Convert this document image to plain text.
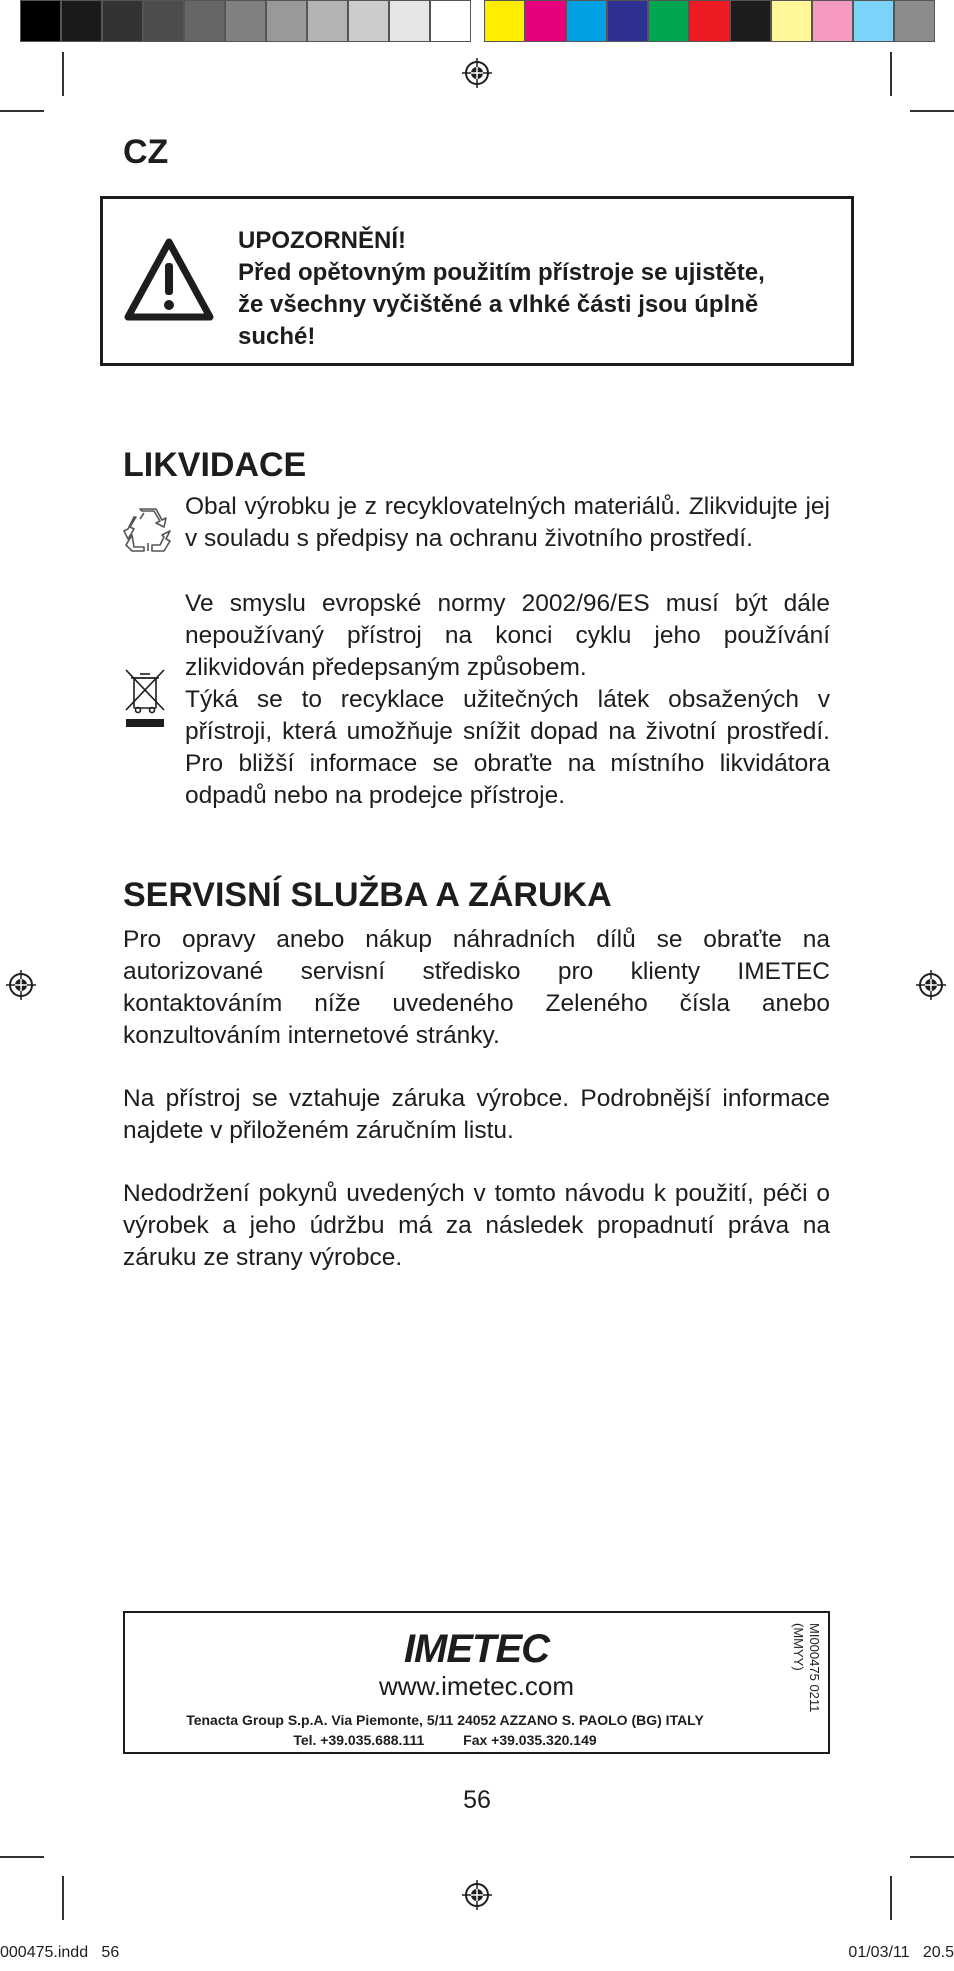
CZ
UPOZORNĚNÍ!
Před opětovným použitím přístroje se ujistěte,
že všechny vyčištěné a vlhké části jsou úplně
suché!
LIKVIDACE

Obal výrobku je z recyklovatelných materiálů. Zlikvidujte jej v souladu s předpisy na ochranu životního prostředí.

Ve smyslu evropské normy 2002/96/ES musí být dále nepoužívaný přístroj na konci cyklu jeho používání zlikvidován předepsaným způsobem.

Týká se to recyklace užitečných látek obsažených v přístroji, která umožňuje snížit dopad na životní prostředí. Pro bližší informace se obraťte na místního likvidátora odpadů nebo na prodejce přístroje.

SERVISNÍ SLUŽBA A ZÁRUKA

Pro opravy anebo nákup náhradních dílů se obraťte na autorizované servisní středisko pro klienty IMETEC kontaktováním níže uvedeného Zeleného čísla anebo konzultováním internetové stránky.

Na přístroj se vztahuje záruka výrobce. Podrobnější informace najdete v přiloženém záručním listu.

Nedodržení pokynů uvedených v tomto návodu k použití, péči o výrobek a jeho údržbu má za následek propadnutí práva na záruku ze strany výrobce.

IMETEC
www.imetec.com
Tenacta Group S.p.A. Via Piemonte, 5/11 24052 AZZANO S. PAOLO (BG) ITALY
Tel. +39.035.688.111          Fax +39.035.320.149
MI000475 0211 (MMYY)
56
000475.indd   56	01/03/11   20.5
